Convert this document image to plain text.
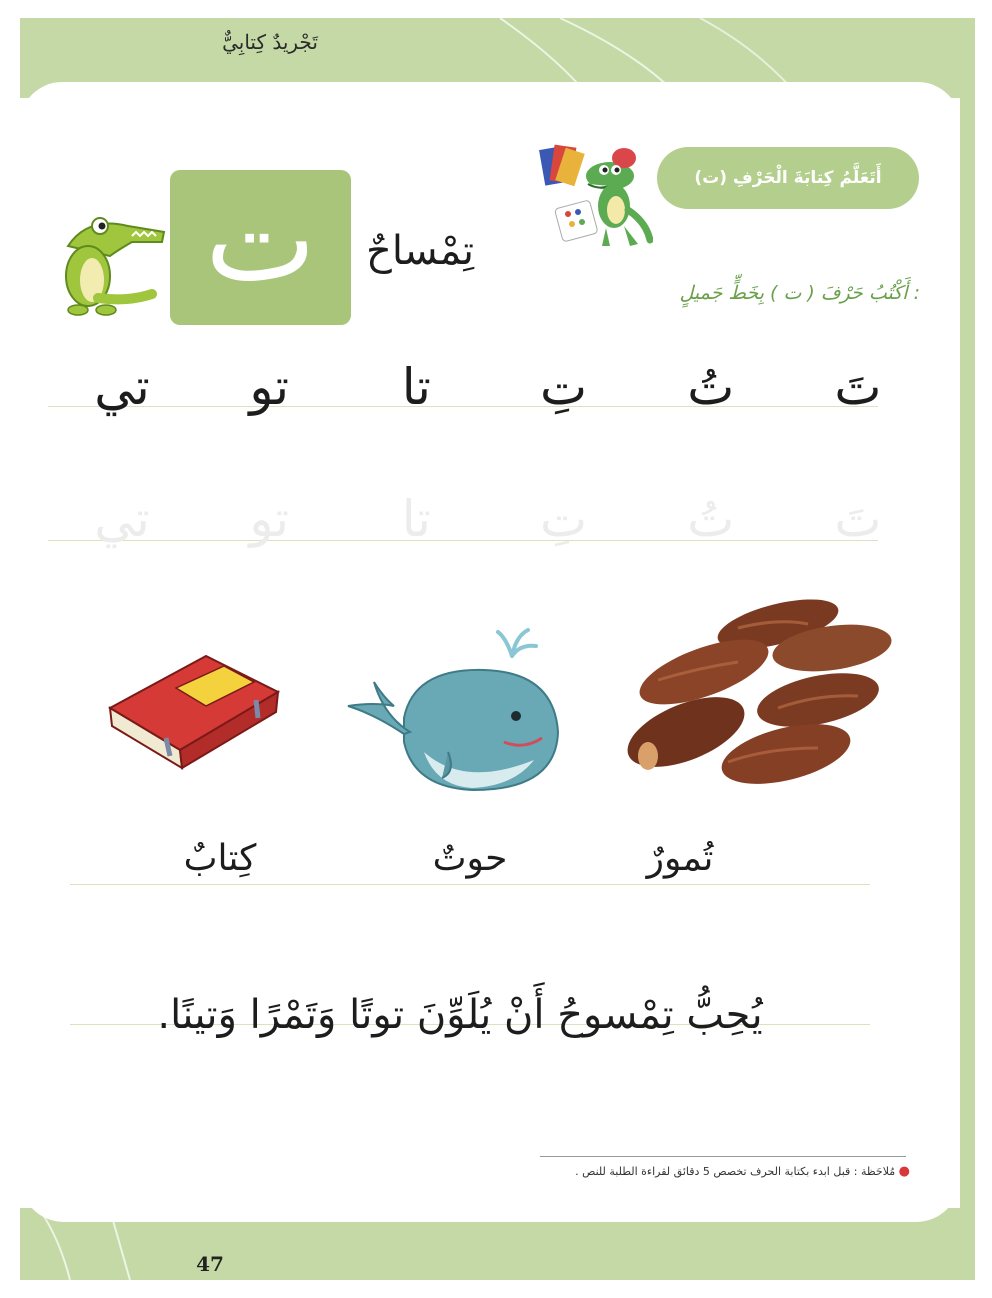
تَجْريدٌ كِتابِيٌّ
أَتَعَلَّمُ كِتابَةَ الْحَرْفِ (ت)
ت	تِمْساحٌ
أَكْتُبُ حَرْفَ ( ت ) بِخَطٍّ جَميلٍ :
تَ
تُ
تِ
تا
تو
تي
تَ
تُ
تِ
تا
تو
تي
تُمورٌ
حوتٌ
كِتابٌ
يُحِبُّ تِمْسوحُ أَنْ يُلَوِّنَ توتًا وَتَمْرًا وَتينًا.
● مُلاحَظة : قبل ابدء بكتابة الحرف تخصص 5 دقائق لقراءة الطلبة للنص .
47
